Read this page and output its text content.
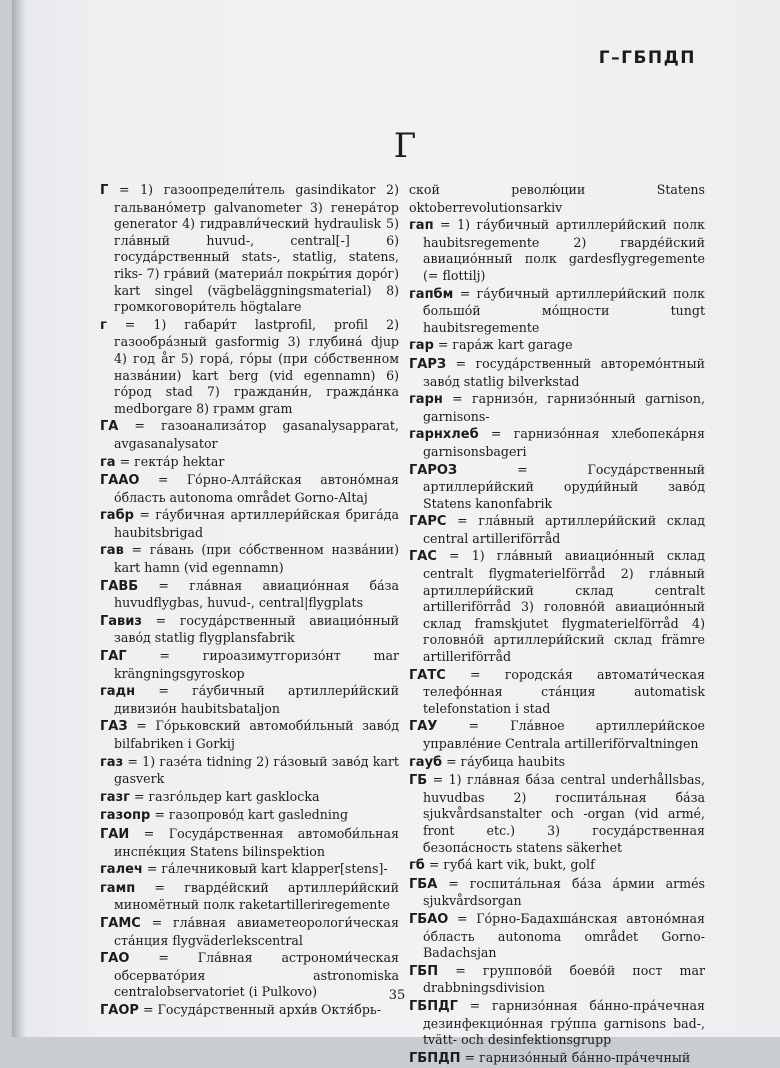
Г–ГБПДП
Г

Г = 1) газоопредели́тель gasindikator 2) гальвано́метр galvanometer 3) генера́тор generator 4) гидравли́ческий hydraulisk 5) гла́вный huvud-, central[-] 6) госуда́рственный stats-, statlig, statens, riks- 7) гра́вий (материа́л покры́тия доро́г) kart singel (vägbeläggningsmaterial) 8) громкоговори́тель högtalare

г = 1) габари́т lastprofil, profil 2) газообра́зный gasformig 3) глубина́ djup 4) год år 5) гора́, го́ры (при со́бственном назва́нии) kart berg (vid egennamn) 6) го́род stad 7) граждани́н, гражда́нка medborgare 8) грамм gram

ГА = газоанализа́тор gasanalysapparat, avgasanalysator

га = гекта́р hektar

ГААО = Го́рно-Алта́йская автоно́мная о́бласть autonoma området Gorno-Altaj

габр = га́убичная артиллери́йская брига́да haubitsbrigad

гав = га́вань (при со́бственном назва́нии) kart hamn (vid egennamn)

ГАВБ = гла́вная авиацио́нная ба́за huvudflygbas, huvud-, central|flygplats

Гавиз = госуда́рственный авиацио́нный заво́д statlig flygplansfabrik

ГАГ = гироазимутгоризо́нт mar krängningsgyroskop

гадн = га́убичный артиллери́йский дивизио́н haubitsbataljon

ГАЗ = Го́рьковский автомоби́льный заво́д bilfabriken i Gorkij

газ = 1) газе́та tidning 2) га́зовый заво́д kart gasverk

газг = газго́льдер kart gasklocka

газопр = газопрово́д kart gasledning

ГАИ = Госуда́рственная автомоби́льная инспе́кция Statens bilinspektion

галеч = га́лечниковый kart klapper[stens]-

гамп = гварде́йский артиллери́йский миномётный полк raketartilleriregemente

ГАМС = гла́вная авиаметеорологи́ческая ста́нция flygväderlekscentral

ГАО = Гла́вная астрономи́ческая обсервато́рия astronomiska centralobservatoriet (i Pulkovo)

ГАОР = Госуда́рственный архи́в Октя́брь-

ской револю́ции Statens oktoberrevolutionsarkiv

гап = 1) га́убичный артиллери́йский полк haubitsregemente 2) гварде́йский авиацио́нный полк gardesflygregemente (= flottilj)

гапбм = га́убичный артиллери́йский полк большо́й мо́щности tungt haubitsregemente

гар = гара́ж kart garage

ГАРЗ = госуда́рственный авторемо́нтный заво́д statlig bilverkstad

гарн = гарнизо́н, гарнизо́нный garnison, garnisons-

гарнхлеб = гарнизо́нная хлебопека́рня garnisonsbageri

ГАРОЗ = Госуда́рственный артиллери́йский оруди́йный заво́д Statens kanonfabrik

ГАРС = гла́вный артиллери́йский склад central artilleriförråd

ГАС = 1) гла́вный авиацио́нный склад centralt flygmaterielförråd 2) гла́вный артиллери́йский склад centralt artilleriförråd 3) головно́й авиацио́нный склад framskjutet flygmaterielförråd 4) головно́й артиллери́йский склад främre artilleriförråd

ГАТС = городска́я автомати́ческая телефо́нная ста́нция automatisk telefonstation i stad

ГАУ = Гла́вное артиллери́йское управле́ние Centrala artilleriförvaltningen

гауб = га́убица haubits

ГБ = 1) гла́вная ба́за central underhållsbas, huvudbas 2) госпита́льная ба́за sjukvårdsanstalter och -organ (vid armé, front etc.) 3) госуда́рственная безопа́сность statens säkerhet

гб = губа́ kart vik, bukt, golf

ГБА = госпита́льная ба́за а́рмии armés sjukvårdsorgan

ГБАО = Го́рно-Бадахша́нская автоно́мная о́бласть autonoma området Gorno-Badachsjan

ГБП = группово́й боево́й пост mar drabbningsdivision

ГБПДГ = гарнизо́нная ба́нно-пра́чечная дезинфекцио́нная гру́ппа garnisons bad-, tvätt- och desinfektionsgrupp

ГБПДП = гарнизо́нный ба́нно-пра́чечный

35
